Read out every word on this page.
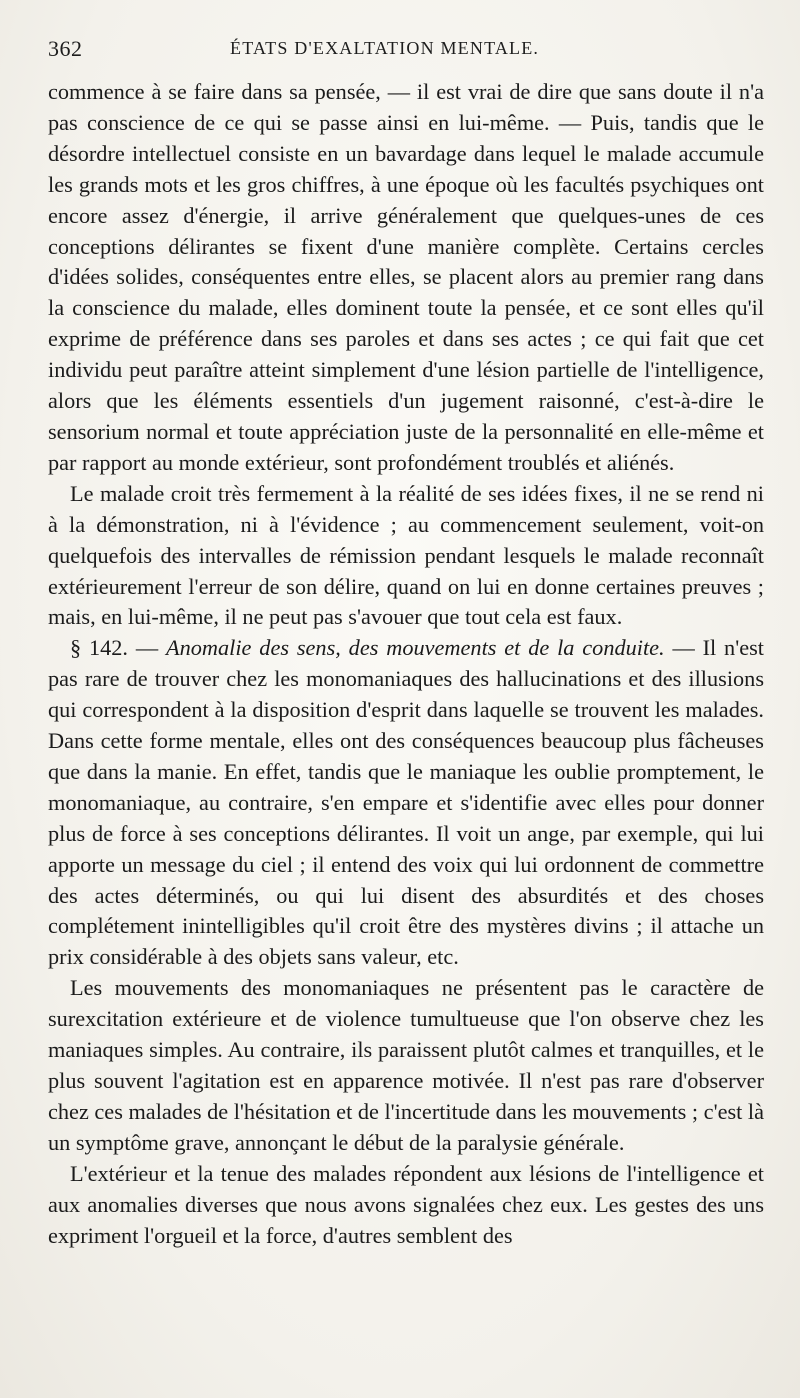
362	ÉTATS D'EXALTATION MENTALE.

commence à se faire dans sa pensée, — il est vrai de dire que sans doute il n'a pas conscience de ce qui se passe ainsi en lui-même. — Puis, tandis que le désordre intellectuel consiste en un bavardage dans lequel le malade accumule les grands mots et les gros chiffres, à une époque où les facultés psychiques ont encore assez d'énergie, il arrive généralement que quelques-unes de ces conceptions délirantes se fixent d'une manière complète. Certains cercles d'idées solides, conséquentes entre elles, se placent alors au premier rang dans la conscience du malade, elles dominent toute la pensée, et ce sont elles qu'il exprime de préférence dans ses paroles et dans ses actes ; ce qui fait que cet individu peut paraître atteint simplement d'une lésion partielle de l'intelligence, alors que les éléments essentiels d'un jugement raisonné, c'est-à-dire le sensorium normal et toute appréciation juste de la personnalité en elle-même et par rapport au monde extérieur, sont profondément troublés et aliénés.

Le malade croit très fermement à la réalité de ses idées fixes, il ne se rend ni à la démonstration, ni à l'évidence ; au commencement seulement, voit-on quelquefois des intervalles de rémission pendant lesquels le malade reconnaît extérieurement l'erreur de son délire, quand on lui en donne certaines preuves ; mais, en lui-même, il ne peut pas s'avouer que tout cela est faux.

§ 142. — Anomalie des sens, des mouvements et de la conduite. — Il n'est pas rare de trouver chez les monomaniaques des hallucinations et des illusions qui correspondent à la disposition d'esprit dans laquelle se trouvent les malades. Dans cette forme mentale, elles ont des conséquences beaucoup plus fâcheuses que dans la manie. En effet, tandis que le maniaque les oublie promptement, le monomaniaque, au contraire, s'en empare et s'identifie avec elles pour donner plus de force à ses conceptions délirantes. Il voit un ange, par exemple, qui lui apporte un message du ciel ; il entend des voix qui lui ordonnent de commettre des actes déterminés, ou qui lui disent des absurdités et des choses complétement inintelligibles qu'il croit être des mystères divins ; il attache un prix considérable à des objets sans valeur, etc.

Les mouvements des monomaniaques ne présentent pas le caractère de surexcitation extérieure et de violence tumultueuse que l'on observe chez les maniaques simples. Au contraire, ils paraissent plutôt calmes et tranquilles, et le plus souvent l'agitation est en apparence motivée. Il n'est pas rare d'observer chez ces malades de l'hésitation et de l'incertitude dans les mouvements ; c'est là un symptôme grave, annonçant le début de la paralysie générale.

L'extérieur et la tenue des malades répondent aux lésions de l'intelligence et aux anomalies diverses que nous avons signalées chez eux. Les gestes des uns expriment l'orgueil et la force, d'autres semblent des
